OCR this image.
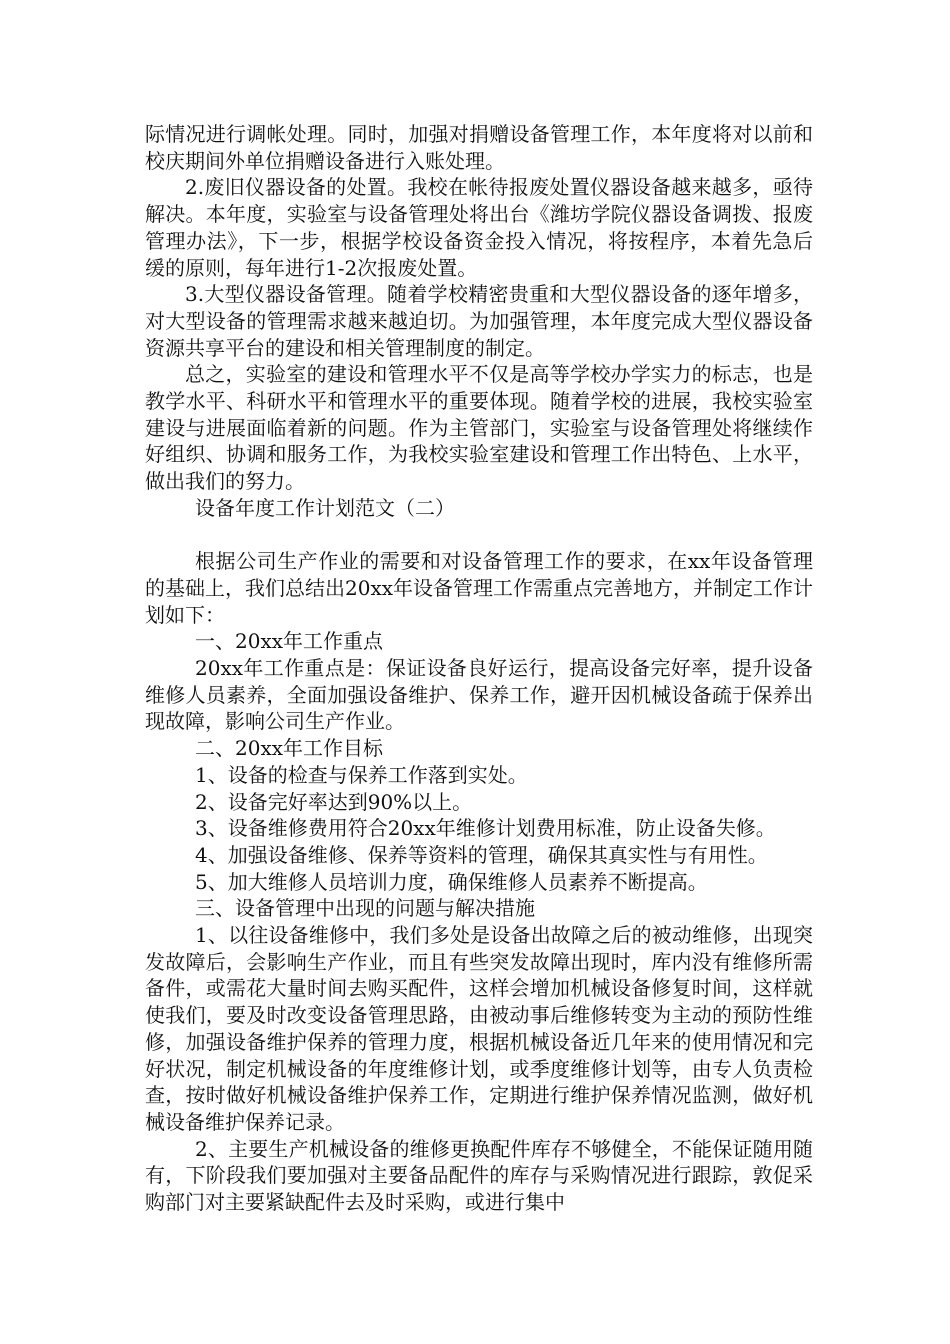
际情况进行调帐处理。同时，加强对捐赠设备管理工作，本年度将对以前和校庆期间外单位捐赠设备进行入账处理。

2.废旧仪器设备的处置。我校在帐待报废处置仪器设备越来越多，亟待解决。本年度，实验室与设备管理处将出台《潍坊学院仪器设备调拨、报废管理办法》，下一步，根据学校设备资金投入情况，将按程序，本着先急后缓的原则，每年进行1-2次报废处置。

3.大型仪器设备管理。随着学校精密贵重和大型仪器设备的逐年增多，对大型设备的管理需求越来越迫切。为加强管理，本年度完成大型仪器设备资源共享平台的建设和相关管理制度的制定。

总之，实验室的建设和管理水平不仅是高等学校办学实力的标志，也是教学水平、科研水平和管理水平的重要体现。随着学校的进展，我校实验室建设与进展面临着新的问题。作为主管部门，实验室与设备管理处将继续作好组织、协调和服务工作，为我校实验室建设和管理工作出特色、上水平，做出我们的努力。

设备年度工作计划范文（二）

根据公司生产作业的需要和对设备管理工作的要求，在xx年设备管理的基础上，我们总结出20xx年设备管理工作需重点完善地方，并制定工作计划如下：

一、20xx年工作重点

20xx年工作重点是：保证设备良好运行，提高设备完好率，提升设备维修人员素养，全面加强设备维护、保养工作，避开因机械设备疏于保养出现故障，影响公司生产作业。

二、20xx年工作目标

1、设备的检查与保养工作落到实处。

2、设备完好率达到90%以上。

3、设备维修费用符合20xx年维修计划费用标准，防止设备失修。

4、加强设备维修、保养等资料的管理，确保其真实性与有用性。

5、加大维修人员培训力度，确保维修人员素养不断提高。

三、设备管理中出现的问题与解决措施

1、以往设备维修中，我们多处是设备出故障之后的被动维修，出现突发故障后，会影响生产作业，而且有些突发故障出现时，库内没有维修所需备件，或需花大量时间去购买配件，这样会增加机械设备修复时间，这样就使我们，要及时改变设备管理思路，由被动事后维修转变为主动的预防性维修，加强设备维护保养的管理力度，根据机械设备近几年来的使用情况和完好状况，制定机械设备的年度维修计划，或季度维修计划等，由专人负责检查，按时做好机械设备维护保养工作，定期进行维护保养情况监测，做好机械设备维护保养记录。

2、主要生产机械设备的维修更换配件库存不够健全，不能保证随用随有，下阶段我们要加强对主要备品配件的库存与采购情况进行跟踪，敦促采购部门对主要紧缺配件去及时采购，或进行集中
